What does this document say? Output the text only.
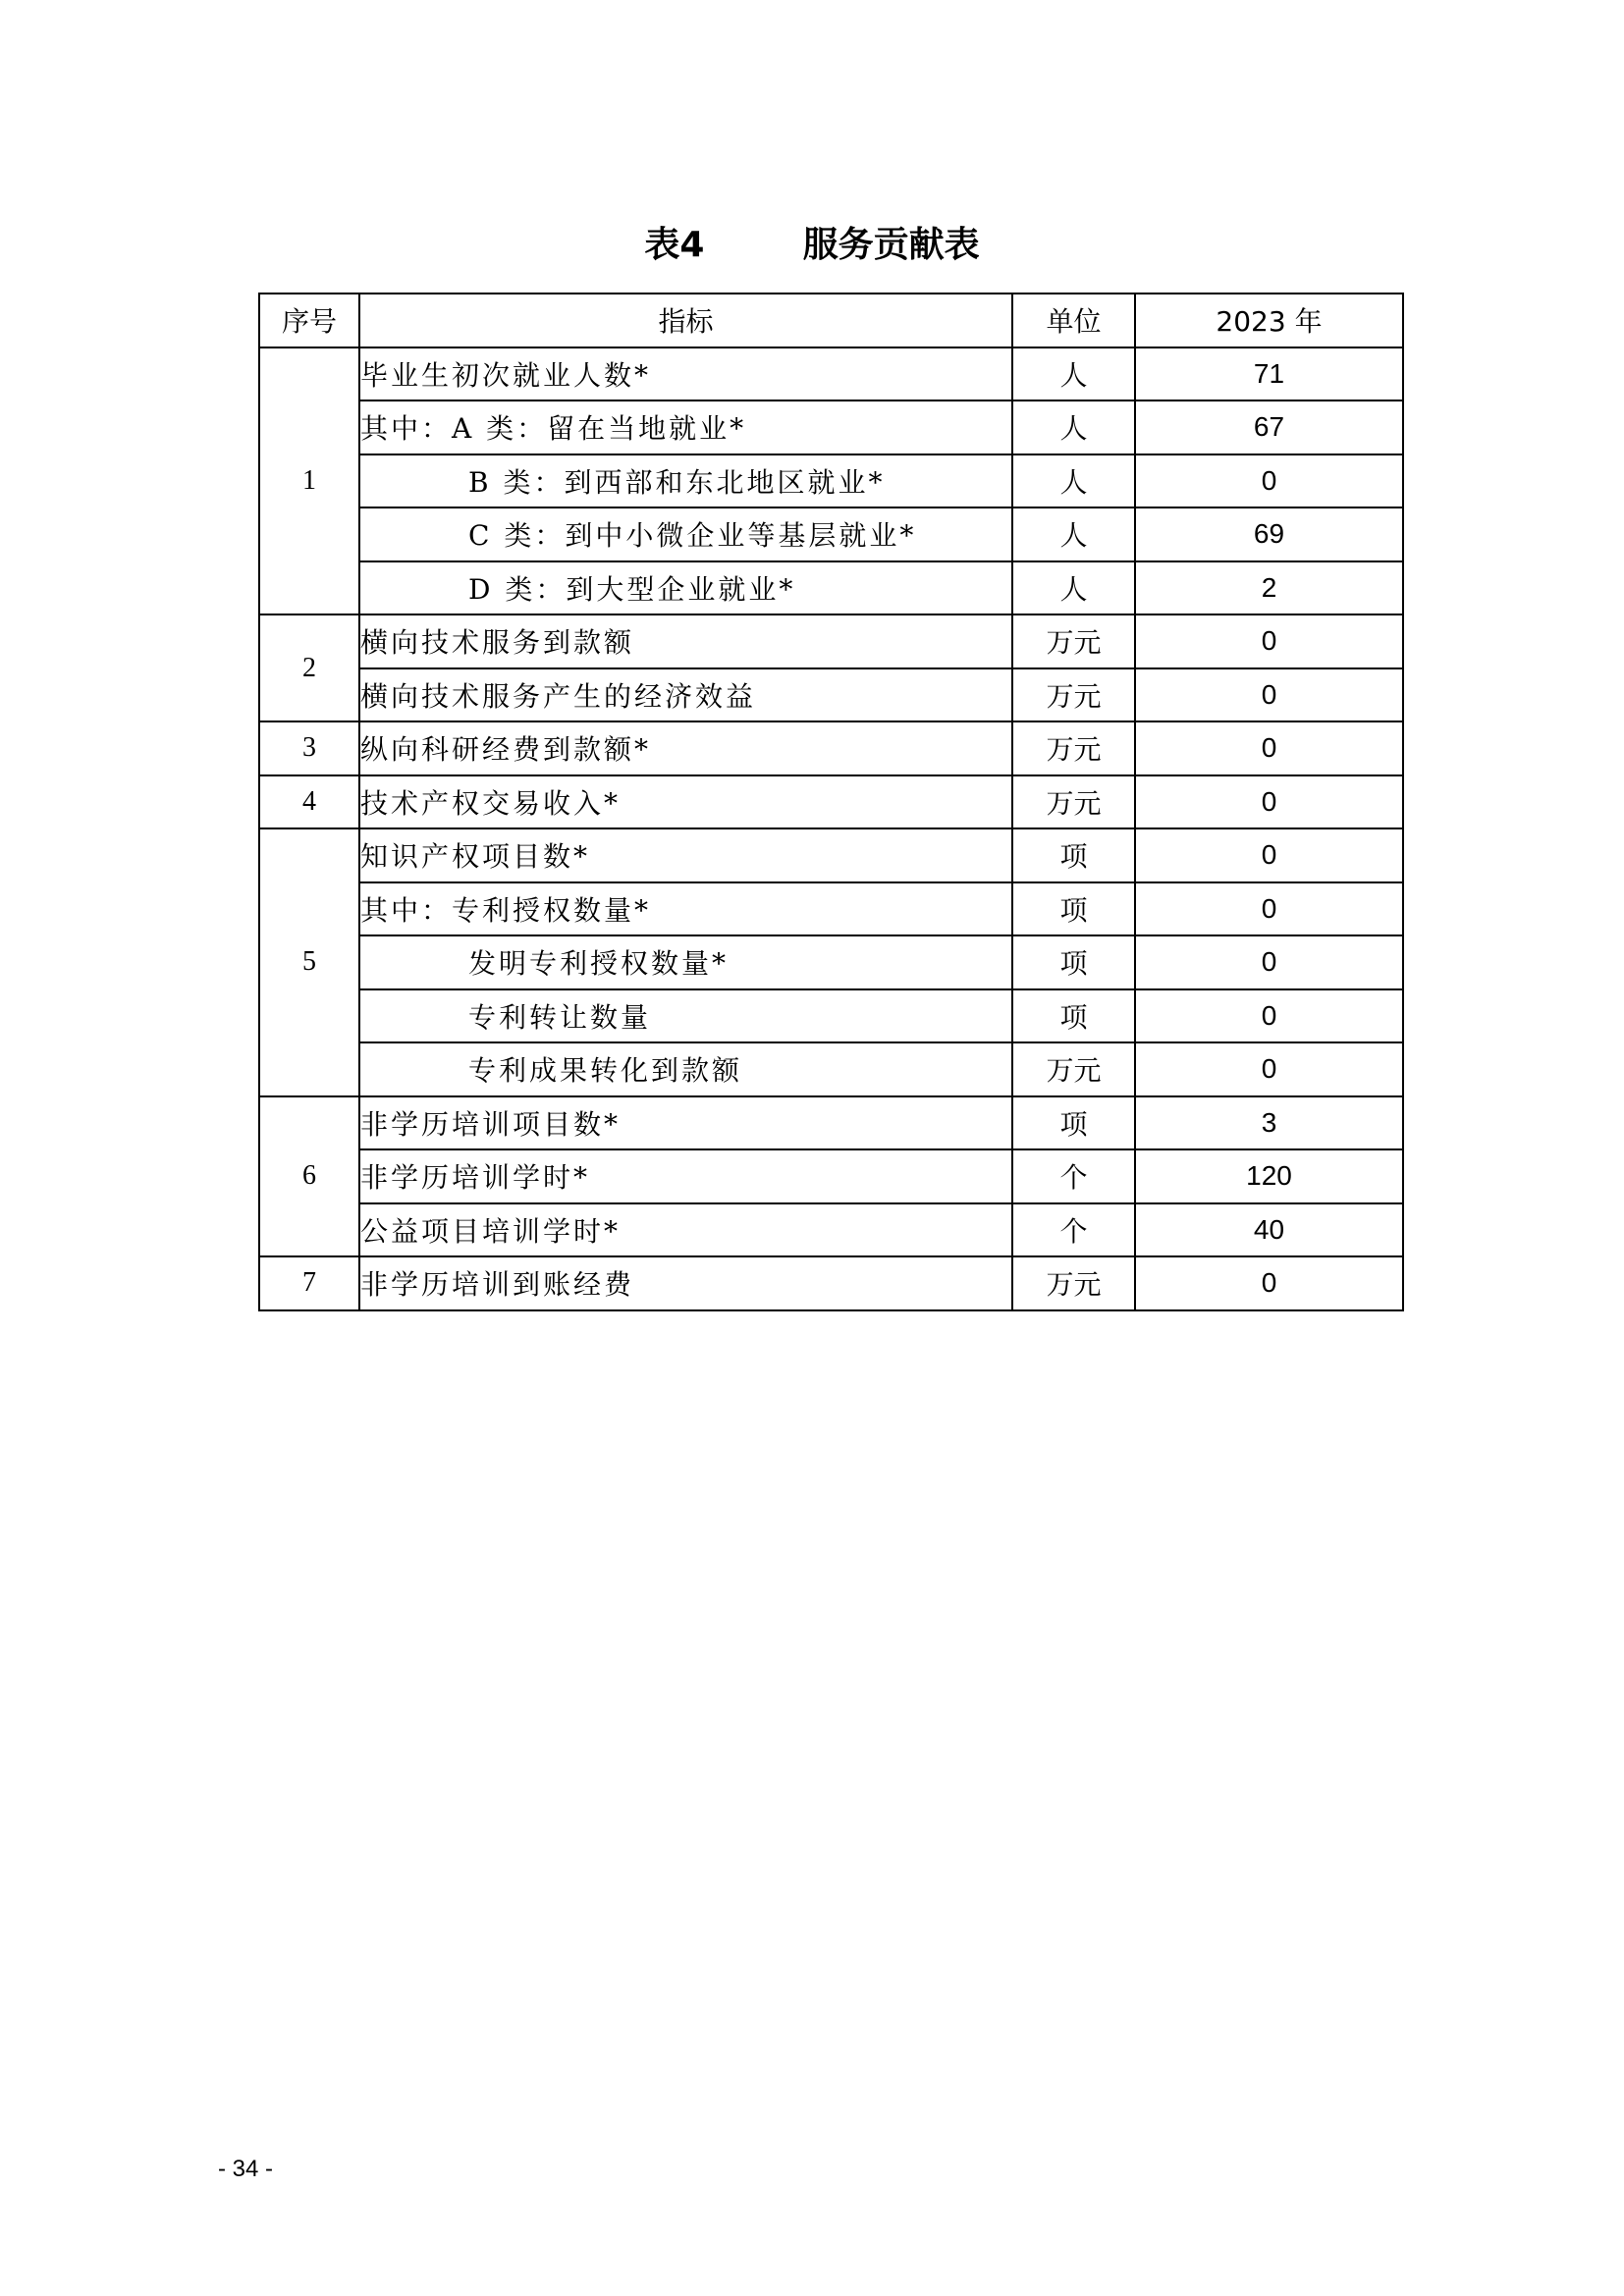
表4        服务贡献表
序号	指标	单位	2023 年
1	毕业生初次就业人数*	人	71
	其中：A 类：留在当地就业*	人	67
	B 类：到西部和东北地区就业*	人	0
	C 类：到中小微企业等基层就业*	人	69
	D 类：到大型企业就业*	人	2
2	横向技术服务到款额	万元	0
	横向技术服务产生的经济效益	万元	0
3	纵向科研经费到款额*	万元	0
4	技术产权交易收入*	万元	0
5	知识产权项目数*	项	0
	其中：专利授权数量*	项	0
	发明专利授权数量*	项	0
	专利转让数量	项	0
	专利成果转化到款额	万元	0
6	非学历培训项目数*	项	3
	非学历培训学时*	个	120
	公益项目培训学时*	个	40
7	非学历培训到账经费	万元	0
- 34 -
